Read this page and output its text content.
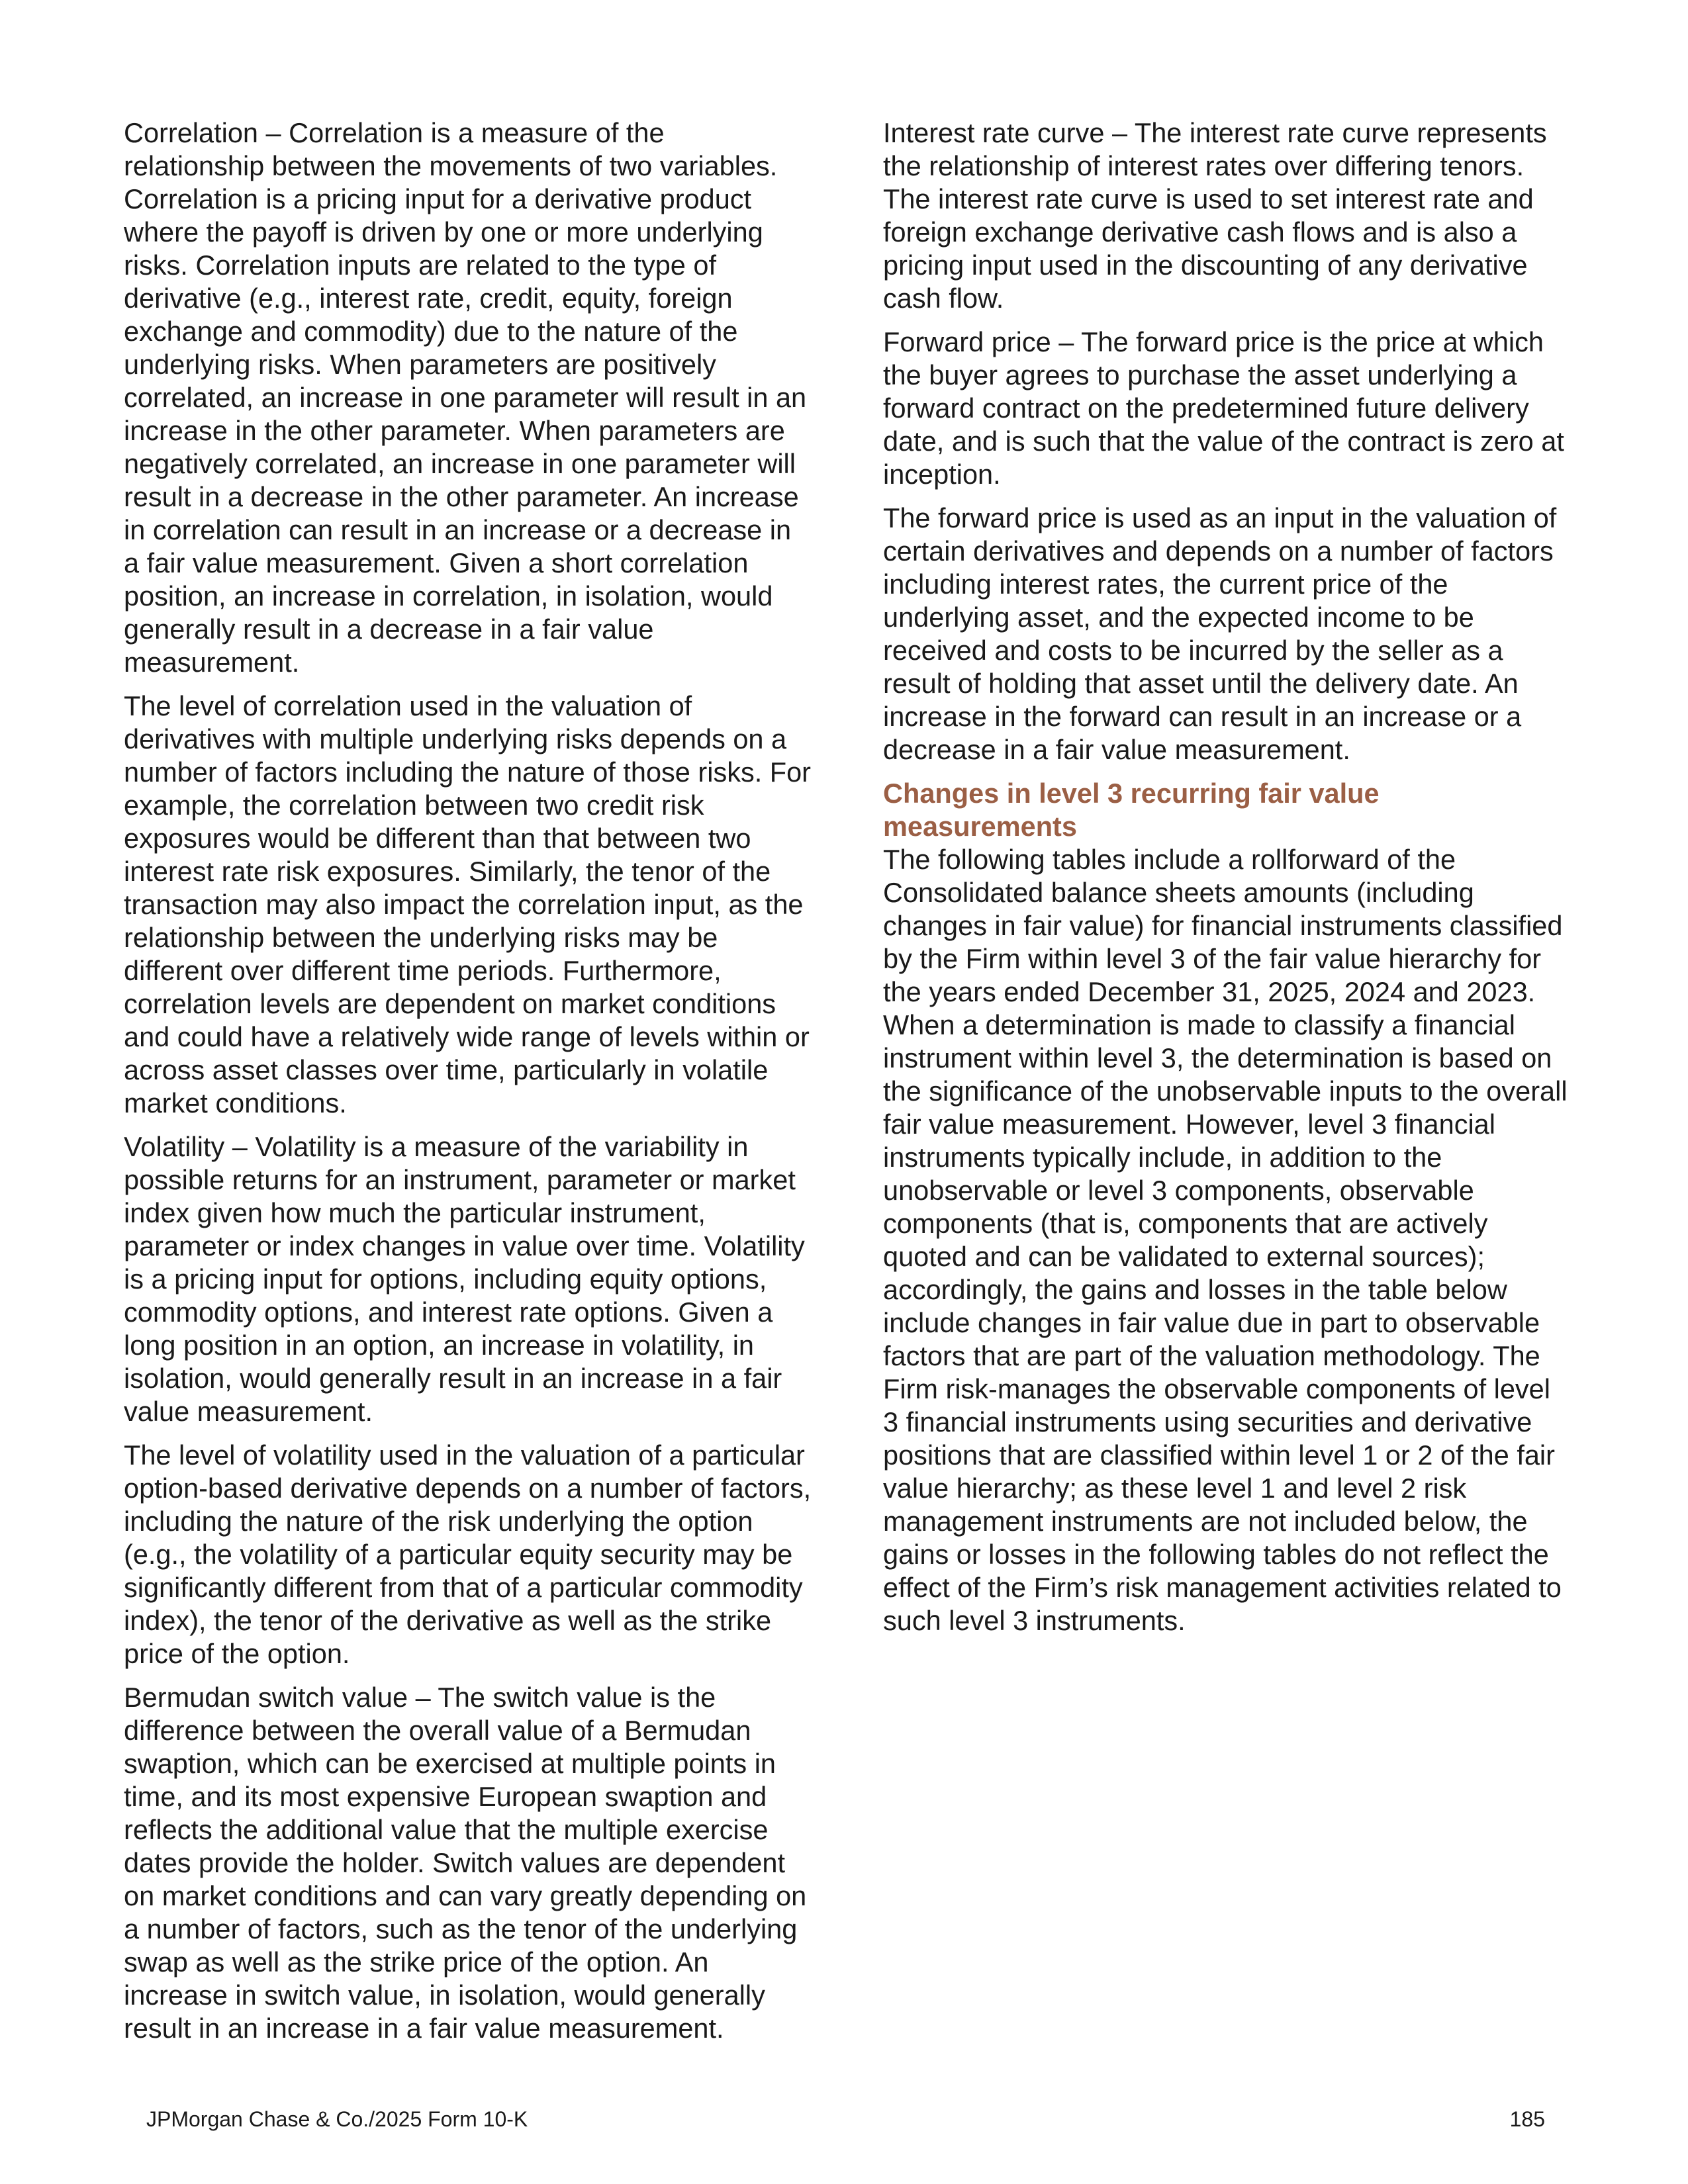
Correlation – Correlation is a measure of the relationship between the movements of two variables. Correlation is a pricing input for a derivative product where the payoff is driven by one or more underlying risks. Correlation inputs are related to the type of derivative (e.g., interest rate, credit, equity, foreign exchange and commodity) due to the nature of the underlying risks. When parameters are positively correlated, an increase in one parameter will result in an increase in the other parameter. When parameters are negatively correlated, an increase in one parameter will result in a decrease in the other parameter. An increase in correlation can result in an increase or a decrease in a fair value measurement. Given a short correlation position, an increase in correlation, in isolation, would generally result in a decrease in a fair value measurement.

The level of correlation used in the valuation of derivatives with multiple underlying risks depends on a number of factors including the nature of those risks. For example, the correlation between two credit risk exposures would be different than that between two interest rate risk exposures. Similarly, the tenor of the transaction may also impact the correlation input, as the relationship between the underlying risks may be different over different time periods. Furthermore, correlation levels are dependent on market conditions and could have a relatively wide range of levels within or across asset classes over time, particularly in volatile market conditions.

Volatility – Volatility is a measure of the variability in possible returns for an instrument, parameter or market index given how much the particular instrument, parameter or index changes in value over time. Volatility is a pricing input for options, including equity options, commodity options, and interest rate options. Given a long position in an option, an increase in volatility, in isolation, would generally result in an increase in a fair value measurement.

The level of volatility used in the valuation of a particular option-based derivative depends on a number of factors, including the nature of the risk underlying the option (e.g., the volatility of a particular equity security may be significantly different from that of a particular commodity index), the tenor of the derivative as well as the strike price of the option.

Bermudan switch value – The switch value is the difference between the overall value of a Bermudan swaption, which can be exercised at multiple points in time, and its most expensive European swaption and reflects the additional value that the multiple exercise dates provide the holder. Switch values are dependent on market conditions and can vary greatly depending on a number of factors, such as the tenor of the underlying swap as well as the strike price of the option. An increase in switch value, in isolation, would generally result in an increase in a fair value measurement.

Interest rate curve – The interest rate curve represents the relationship of interest rates over differing tenors. The interest rate curve is used to set interest rate and foreign exchange derivative cash flows and is also a pricing input used in the discounting of any derivative cash flow.

Forward price – The forward price is the price at which the buyer agrees to purchase the asset underlying a forward contract on the predetermined future delivery date, and is such that the value of the contract is zero at inception.

The forward price is used as an input in the valuation of certain derivatives and depends on a number of factors including interest rates, the current price of the underlying asset, and the expected income to be received and costs to be incurred by the seller as a result of holding that asset until the delivery date. An increase in the forward can result in an increase or a decrease in a fair value measurement.

Changes in level 3 recurring fair value measurements

The following tables include a rollforward of the Consolidated balance sheets amounts (including changes in fair value) for financial instruments classified by the Firm within level 3 of the fair value hierarchy for the years ended December 31, 2025, 2024 and 2023. When a determination is made to classify a financial instrument within level 3, the determination is based on the significance of the unobservable inputs to the overall fair value measurement. However, level 3 financial instruments typically include, in addition to the unobservable or level 3 components, observable components (that is, components that are actively quoted and can be validated to external sources); accordingly, the gains and losses in the table below include changes in fair value due in part to observable factors that are part of the valuation methodology. The Firm risk-manages the observable components of level 3 financial instruments using securities and derivative positions that are classified within level 1 or 2 of the fair value hierarchy; as these level 1 and level 2 risk management instruments are not included below, the gains or losses in the following tables do not reflect the effect of the Firm’s risk management activities related to such level 3 instruments.

JPMorgan Chase & Co./2025 Form 10-K	185
